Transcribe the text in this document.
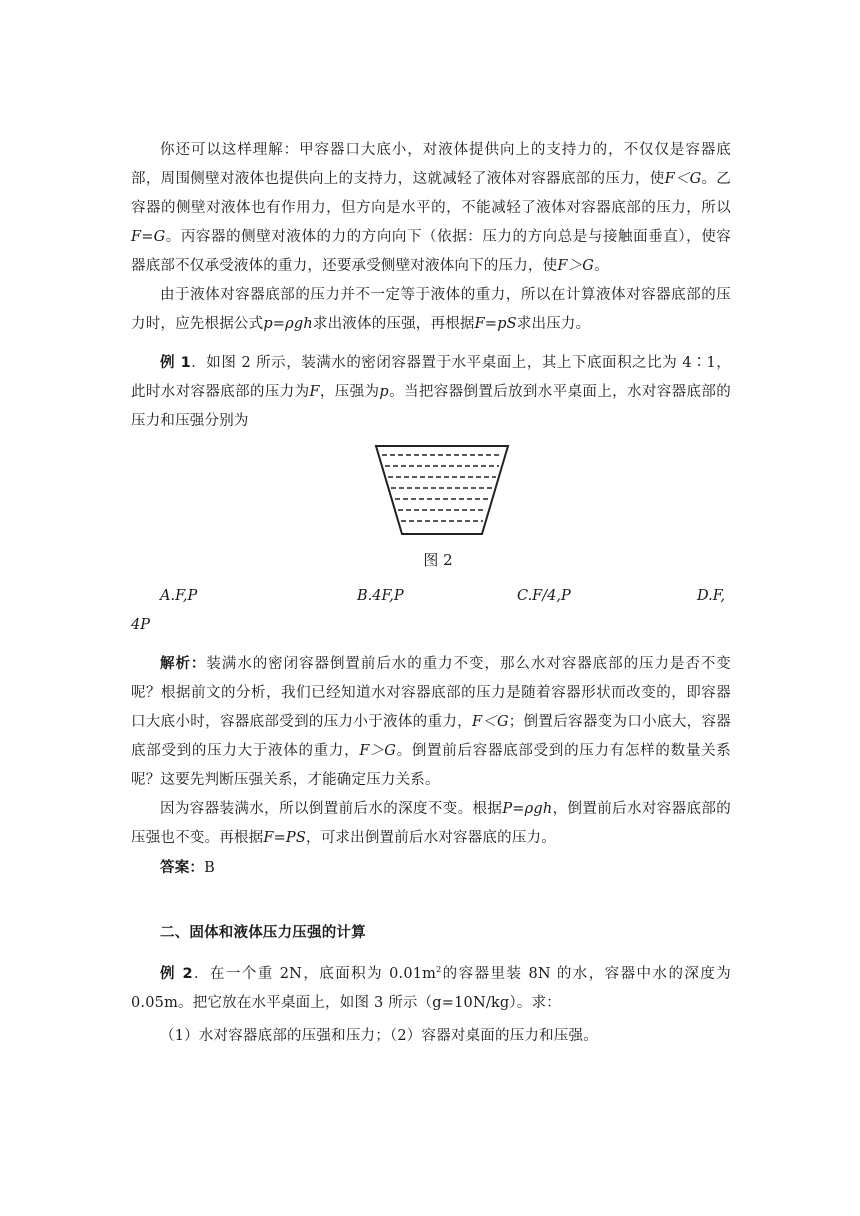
你还可以这样理解：甲容器口大底小，对液体提供向上的支持力的，不仅仅是容器底部，周围侧壁对液体也提供向上的支持力，这就减轻了液体对容器底部的压力，使F＜G。乙容器的侧壁对液体也有作用力，但方向是水平的，不能减轻了液体对容器底部的压力，所以F=G。丙容器的侧壁对液体的力的方向向下（依据：压力的方向总是与接触面垂直），使容器底部不仅承受液体的重力，还要承受侧壁对液体向下的压力，使F＞G。

由于液体对容器底部的压力并不一定等于液体的重力，所以在计算液体对容器底部的压力时，应先根据公式p=ρgh求出液体的压强，再根据F=pS求出压力。

例 1．如图 2 所示，装满水的密闭容器置于水平桌面上，其上下底面积之比为 4∶1，此时水对容器底部的压力为F，压强为p。当把容器倒置后放到水平桌面上，水对容器底部的压力和压强分别为

图 2
A.F,P	B.4F,P	C.F/4,P	D.F,
4P

解析：装满水的密闭容器倒置前后水的重力不变，那么水对容器底部的压力是否不变呢？根据前文的分析，我们已经知道水对容器底部的压力是随着容器形状而改变的，即容器口大底小时，容器底部受到的压力小于液体的重力，F＜G；倒置后容器变为口小底大，容器底部受到的压力大于液体的重力，F＞G。倒置前后容器底部受到的压力有怎样的数量关系呢？这要先判断压强关系，才能确定压力关系。

因为容器装满水，所以倒置前后水的深度不变。根据P=ρgh，倒置前后水对容器底部的压强也不变。再根据F=PS，可求出倒置前后水对容器底的压力。

答案：B

二、固体和液体压力压强的计算

例 2．在一个重 2N，底面积为 $0.01m^2$的容器里装 8N 的水，容器中水的深度为 0.05m。把它放在水平桌面上，如图 3 所示（g=10N/kg）。求：

（1）水对容器底部的压强和压力；（2）容器对桌面的压力和压强。
